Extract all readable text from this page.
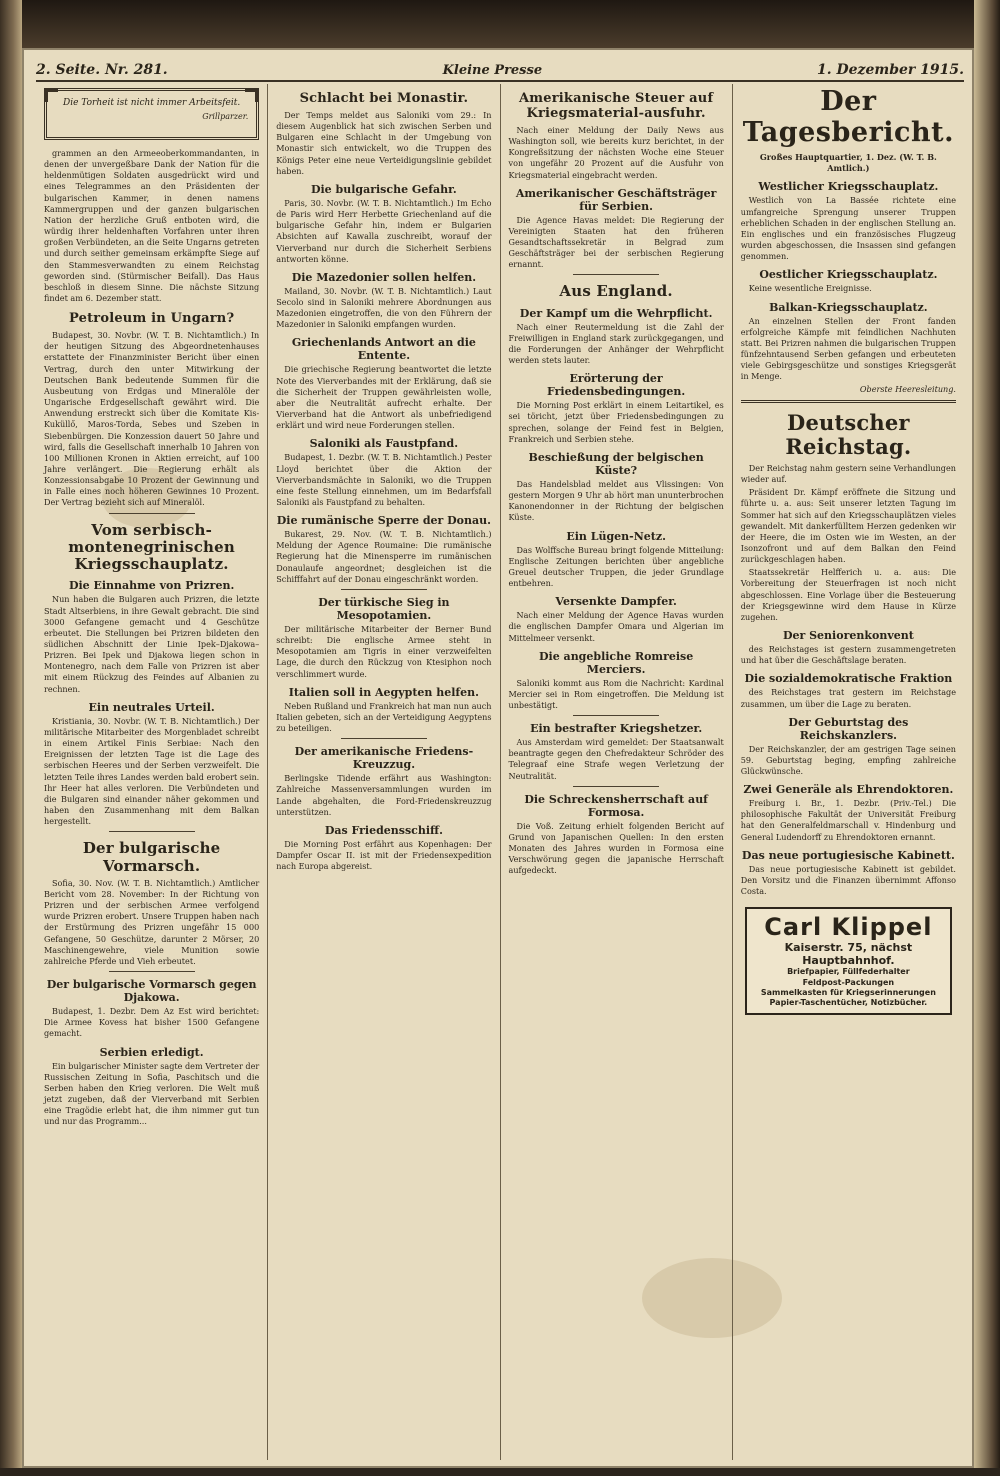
2. Seite. Nr. 281.	Kleine Presse	1. Dezember 1915.
Die Torheit ist nicht immer Arbeitsfeit.
Grillparzer.

grammen an den Armeeoberkommandanten, in denen der unvergeßbare Dank der Nation für die heldenmütigen Soldaten ausgedrückt wird und eines Telegrammes an den Präsidenten der bulgarischen Kammer, in denen namens Kammergruppen und der ganzen bulgarischen Nation der herzliche Gruß entboten wird, die würdig ihrer heldenhaften Vorfahren unter ihren großen Verbündeten, an die Seite Ungarns getreten und durch seither gemeinsam erkämpfte Siege auf den Stammesverwandten zu einem Reichstag geworden sind. (Stürmischer Beifall). Das Haus beschloß in diesem Sinne. Die nächste Sitzung findet am 6. Dezember statt.

Petroleum in Ungarn?

Budapest, 30. Novbr. (W. T. B. Nichtamtlich.) In der heutigen Sitzung des Abgeordnetenhauses erstattete der Finanzminister Bericht über einen Vertrag, durch den unter Mitwirkung der Deutschen Bank bedeutende Summen für die Ausbeutung von Erdgas und Mineralöle der Ungarische Erdgesellschaft gewährt wird. Die Anwendung erstreckt sich über die Komitate Kis-Kuküllő, Maros-Torda, Sebes und Szeben in Siebenbürgen. Die Konzession dauert 50 Jahre und wird, falls die Gesellschaft innerhalb 10 Jahren von 100 Millionen Kronen in Aktien erreicht, auf 100 Jahre verlängert. Die Regierung erhält als Konzessionsabgabe 10 Prozent der Gewinnung und in Falle eines noch höheren Gewinnes 10 Prozent. Der Vertrag bezieht sich auf Mineralöl.

Vom serbisch-montenegrinischen Kriegsschauplatz.
Die Einnahme von Prizren.

Nun haben die Bulgaren auch Prizren, die letzte Stadt Altserbiens, in ihre Gewalt gebracht. Die sind 3000 Gefangene gemacht und 4 Geschütze erbeutet. Die Stellungen bei Prizren bildeten den südlichen Abschnitt der Linie Ipek–Djakowa–Prizren. Bei Ipek und Djakowa liegen schon in Montenegro, nach dem Falle von Prizren ist aber mit einem Rückzug des Feindes auf Albanien zu rechnen.

Ein neutrales Urteil.

Kristiania, 30. Novbr. (W. T. B. Nichtamtlich.) Der militärische Mitarbeiter des Morgenbladet schreibt in einem Artikel Finis Serbiae: Nach den Ereignissen der letzten Tage ist die Lage des serbischen Heeres und der Serben verzweifelt. Die letzten Teile ihres Landes werden bald erobert sein. Ihr Heer hat alles verloren. Die Verbündeten und die Bulgaren sind einander näher gekommen und haben den Zusammenhang mit dem Balkan hergestellt.

Der bulgarische Vormarsch.

Sofia, 30. Nov. (W. T. B. Nichtamtlich.) Amtlicher Bericht vom 28. November: In der Richtung von Prizren und der serbischen Armee verfolgend wurde Prizren erobert. Unsere Truppen haben nach der Erstürmung des Prizren ungefähr 15 000 Gefangene, 50 Geschütze, darunter 2 Mörser, 20 Maschinengewehre, viele Munition sowie zahlreiche Pferde und Vieh erbeutet.

Der bulgarische Vormarsch gegen Djakowa.

Budapest, 1. Dezbr. Dem Az Est wird berichtet: Die Armee Kovess hat bisher 1500 Gefangene gemacht.

Serbien erledigt.

Ein bulgarischer Minister sagte dem Vertreter der Russischen Zeitung in Sofia, Paschitsch und die Serben haben den Krieg verloren. Die Welt muß jetzt zugeben, daß der Vierverband mit Serbien eine Tragödie erlebt hat, die ihm nimmer gut tun und nur das Programm...

Schlacht bei Monastir.

Der Temps meldet aus Saloniki vom 29.: In diesem Augenblick hat sich zwischen Serben und Bulgaren eine Schlacht in der Umgebung von Monastir sich entwickelt, wo die Truppen des Königs Peter eine neue Verteidigungslinie gebildet haben.

Die bulgarische Gefahr.

Paris, 30. Novbr. (W. T. B. Nichtamtlich.) Im Echo de Paris wird Herr Herbette Griechenland auf die bulgarische Gefahr hin, indem er Bulgarien Absichten auf Kawalla zuschreibt, worauf der Vierverband nur durch die Sicherheit Serbiens antworten könne.

Die Mazedonier sollen helfen.

Mailand, 30. Novbr. (W. T. B. Nichtamtlich.) Laut Secolo sind in Saloniki mehrere Abordnungen aus Mazedonien eingetroffen, die von den Führern der Mazedonier in Saloniki empfangen wurden.

Griechenlands Antwort an die Entente.

Die griechische Regierung beantwortet die letzte Note des Vierverbandes mit der Erklärung, daß sie die Sicherheit der Truppen gewährleisten wolle, aber die Neutralität aufrecht erhalte. Der Vierverband hat die Antwort als unbefriedigend erklärt und wird neue Forderungen stellen.

Saloniki als Faustpfand.

Budapest, 1. Dezbr. (W. T. B. Nichtamtlich.) Pester Lloyd berichtet über die Aktion der Vierverbandsmächte in Saloniki, wo die Truppen eine feste Stellung einnehmen, um im Bedarfsfall Saloniki als Faustpfand zu behalten.

Die rumänische Sperre der Donau.

Bukarest, 29. Nov. (W. T. B. Nichtamtlich.) Meldung der Agence Roumaine: Die rumänische Regierung hat die Minensperre im rumänischen Donaulaufe angeordnet; desgleichen ist die Schifffahrt auf der Donau eingeschränkt worden.

Der türkische Sieg in Mesopotamien.

Der militärische Mitarbeiter der Berner Bund schreibt: Die englische Armee steht in Mesopotamien am Tigris in einer verzweifelten Lage, die durch den Rückzug von Ktesiphon noch verschlimmert wurde.

Italien soll in Aegypten helfen.

Neben Rußland und Frankreich hat man nun auch Italien gebeten, sich an der Verteidigung Aegyptens zu beteiligen.

Der amerikanische Friedens-Kreuzzug.

Berlingske Tidende erfährt aus Washington: Zahlreiche Massenversammlungen wurden im Lande abgehalten, die Ford-Friedenskreuzzug unterstützen.

Das Friedensschiff.

Die Morning Post erfährt aus Kopenhagen: Der Dampfer Oscar II. ist mit der Friedensexpedition nach Europa abgereist.

Amerikanische Steuer auf Kriegsmaterial-ausfuhr.

Nach einer Meldung der Daily News aus Washington soll, wie bereits kurz berichtet, in der Kongreßsitzung der nächsten Woche eine Steuer von ungefähr 20 Prozent auf die Ausfuhr von Kriegsmaterial eingebracht werden.

Amerikanischer Geschäftsträger für Serbien.

Die Agence Havas meldet: Die Regierung der Vereinigten Staaten hat den früheren Gesandtschaftssekretär in Belgrad zum Geschäftsträger bei der serbischen Regierung ernannt.

Aus England.
Der Kampf um die Wehrpflicht.

Nach einer Reutermeldung ist die Zahl der Freiwilligen in England stark zurückgegangen, und die Forderungen der Anhänger der Wehrpflicht werden stets lauter.

Erörterung der Friedensbedingungen.

Die Morning Post erklärt in einem Leitartikel, es sei töricht, jetzt über Friedensbedingungen zu sprechen, solange der Feind fest in Belgien, Frankreich und Serbien stehe.

Beschießung der belgischen Küste?

Das Handelsblad meldet aus Vlissingen: Von gestern Morgen 9 Uhr ab hört man ununterbrochen Kanonendonner in der Richtung der belgischen Küste.

Ein Lügen-Netz.

Das Wolffsche Bureau bringt folgende Mitteilung: Englische Zeitungen berichten über angebliche Greuel deutscher Truppen, die jeder Grundlage entbehren.

Versenkte Dampfer.

Nach einer Meldung der Agence Havas wurden die englischen Dampfer Omara und Algerian im Mittelmeer versenkt.

Die angebliche Romreise Merciers.

Saloniki kommt aus Rom die Nachricht: Kardinal Mercier sei in Rom eingetroffen. Die Meldung ist unbestätigt.

Ein bestrafter Kriegshetzer.

Aus Amsterdam wird gemeldet: Der Staatsanwalt beantragte gegen den Chefredakteur Schröder des Telegraaf eine Strafe wegen Verletzung der Neutralität.

Die Schreckensherrschaft auf Formosa.

Die Voß. Zeitung erhielt folgenden Bericht auf Grund von Japanischen Quellen: In den ersten Monaten des Jahres wurden in Formosa eine Verschwörung gegen die japanische Herrschaft aufgedeckt.

Der Tagesbericht.

Großes Hauptquartier, 1. Dez. (W. T. B. Amtlich.)

Westlicher Kriegsschauplatz.

Westlich von La Bassée richtete eine umfangreiche Sprengung unserer Truppen erheblichen Schaden in der englischen Stellung an. Ein englisches und ein französisches Flugzeug wurden abgeschossen, die Insassen sind gefangen genommen.

Oestlicher Kriegsschauplatz.

Keine wesentliche Ereignisse.

Balkan-Kriegsschauplatz.

An einzelnen Stellen der Front fanden erfolgreiche Kämpfe mit feindlichen Nachhuten statt. Bei Prizren nahmen die bulgarischen Truppen fünfzehntausend Serben gefangen und erbeuteten viele Gebirgsgeschütze und sonstiges Kriegsgerät in Menge.

Oberste Heeresleitung.

Deutscher Reichstag.

Der Reichstag nahm gestern seine Verhandlungen wieder auf.

Präsident Dr. Kämpf eröffnete die Sitzung und führte u. a. aus: Seit unserer letzten Tagung im Sommer hat sich auf den Kriegsschauplätzen vieles gewandelt. Mit dankerfülltem Herzen gedenken wir der Heere, die im Osten wie im Westen, an der Isonzofront und auf dem Balkan den Feind zurückgeschlagen haben.

Staatssekretär Helfferich u. a. aus: Die Vorbereitung der Steuerfragen ist noch nicht abgeschlossen. Eine Vorlage über die Besteuerung der Kriegsgewinne wird dem Hause in Kürze zugehen.

Der Seniorenkonvent

des Reichstages ist gestern zusammengetreten und hat über die Geschäftslage beraten.

Die sozialdemokratische Fraktion

des Reichstages trat gestern im Reichstage zusammen, um über die Lage zu beraten.

Der Geburtstag des Reichskanzlers.

Der Reichskanzler, der am gestrigen Tage seinen 59. Geburtstag beging, empfing zahlreiche Glückwünsche.

Zwei Generäle als Ehrendoktoren.

Freiburg i. Br., 1. Dezbr. (Priv.-Tel.) Die philosophische Fakultät der Universität Freiburg hat den Generalfeldmarschall v. Hindenburg und General Ludendorff zu Ehrendoktoren ernannt.

Das neue portugiesische Kabinett.

Das neue portugiesische Kabinett ist gebildet. Den Vorsitz und die Finanzen übernimmt Affonso Costa.

Carl Klippel
Kaiserstr. 75, nächst Hauptbahnhof.
Briefpapier, Füllfederhalter
Feldpost-Packungen
Sammelkasten für Kriegserinnerungen
Papier-Taschentücher, Notizbücher.
